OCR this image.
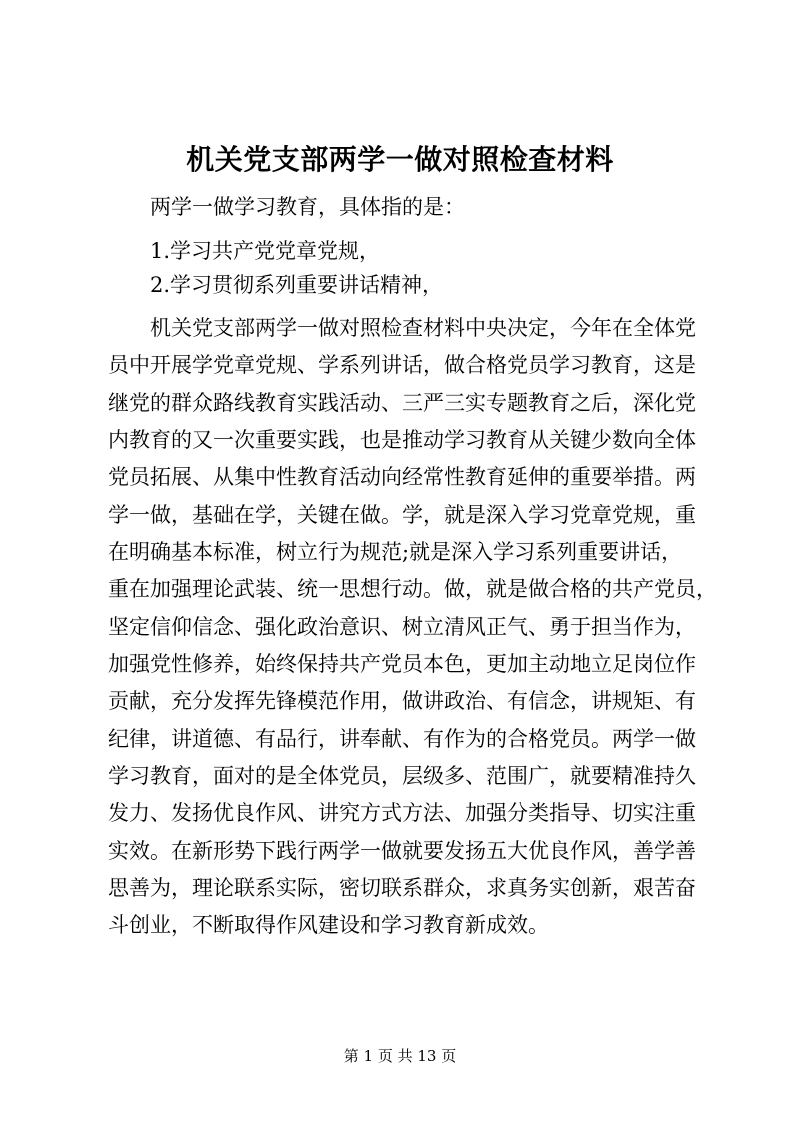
机关党支部两学一做对照检查材料
两学一做学习教育，具体指的是：
1.学习共产党党章党规，
2.学习贯彻系列重要讲话精神，
机关党支部两学一做对照检查材料中央决定，今年在全体党
员中开展学党章党规、学系列讲话，做合格党员学习教育，这是
继党的群众路线教育实践活动、三严三实专题教育之后，深化党
内教育的又一次重要实践，也是推动学习教育从关键少数向全体
党员拓展、从集中性教育活动向经常性教育延伸的重要举措。两
学一做，基础在学，关键在做。学，就是深入学习党章党规，重
在明确基本标准，树立行为规范;就是深入学习系列重要讲话，
重在加强理论武装、统一思想行动。做，就是做合格的共产党员，
坚定信仰信念、强化政治意识、树立清风正气、勇于担当作为，
加强党性修养，始终保持共产党员本色，更加主动地立足岗位作
贡献，充分发挥先锋模范作用，做讲政治、有信念，讲规矩、有
纪律，讲道德、有品行，讲奉献、有作为的合格党员。两学一做
学习教育，面对的是全体党员，层级多、范围广，就要精准持久
发力、发扬优良作风、讲究方式方法、加强分类指导、切实注重
实效。在新形势下践行两学一做就要发扬五大优良作风，善学善
思善为，理论联系实际，密切联系群众，求真务实创新，艰苦奋
斗创业，不断取得作风建设和学习教育新成效。
第 1 页 共 13 页
